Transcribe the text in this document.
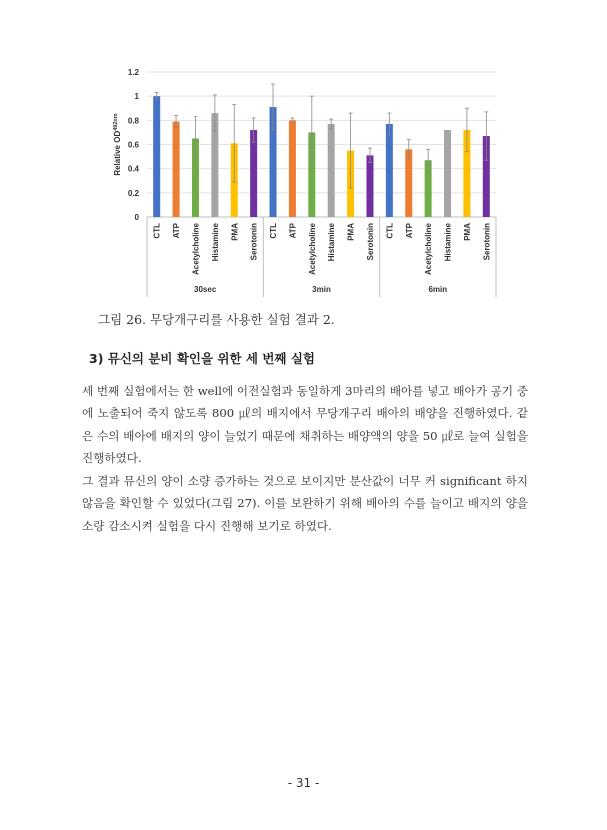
0
0.2
0.4
0.6
0.8
1
1.2
Relative $OD^{492nm}$
CTL ATP Acetylcholine Histamine PMA Serotonin
30sec
CTL ATP Acetylcholine Histamine PMA Serotonin
3min
CTL ATP Acetylcholine Histamine PMA Serotonin
6min
그림 26. 무당개구리를 사용한 실험 결과 2.
3) 뮤신의 분비 확인을 위한 세 번째 실험

세 번째 실험에서는 한 well에 이전실험과 동일하게 3마리의 배아를 넣고 배아가 공기 중에 노출되어 죽지 않도록 800 ㎕의 배지에서 무당개구리 배아의 배양을 진행하였다. 같은 수의 배아에 배지의 양이 늘었기 때문에 채취하는 배양액의 양을 50 ㎕로 늘여 실험을 진행하였다.

그 결과 뮤신의 양이 소량 증가하는 것으로 보이지만 분산값이 너무 커 significant 하지 않음을 확인할 수 있었다(그림 27). 이를 보완하기 위해 배아의 수를 늘이고 배지의 양을 소량 감소시켜 실험을 다시 진행해 보기로 하였다.

- 31 -
